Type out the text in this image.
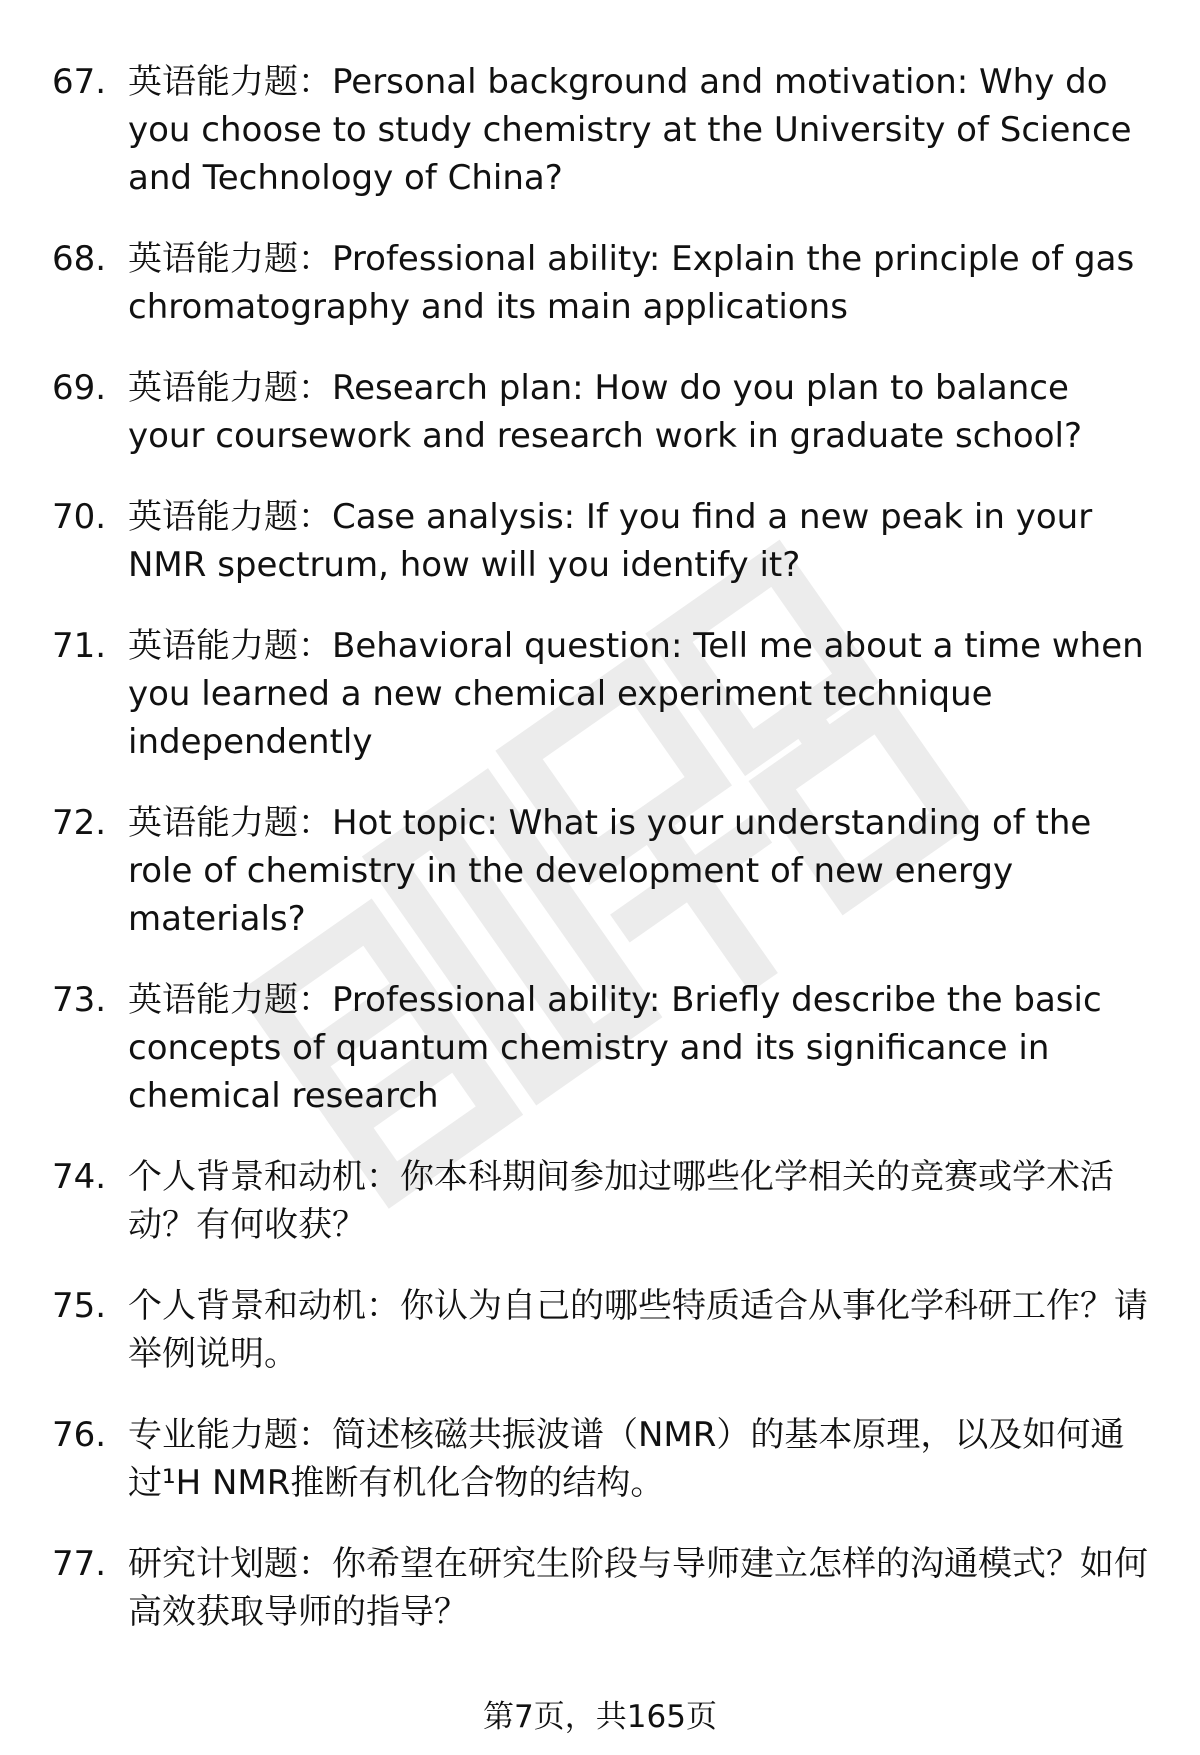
67. 英语能力题：Personal background and motivation: Why do you choose to study chemistry at the University of Science and Technology of China?
68. 英语能力题：Professional ability: Explain the principle of gas chromatography and its main applications
69. 英语能力题：Research plan: How do you plan to balance your coursework and research work in graduate school?
70. 英语能力题：Case analysis: If you find a new peak in your NMR spectrum, how will you identify it?
71. 英语能力题：Behavioral question: Tell me about a time when you learned a new chemical experiment technique independently
72. 英语能力题：Hot topic: What is your understanding of the role of chemistry in the development of new energy materials?
73. 英语能力题：Professional ability: Briefly describe the basic concepts of quantum chemistry and its significance in chemical research
74. 个人背景和动机：你本科期间参加过哪些化学相关的竞赛或学术活动？有何收获？
75. 个人背景和动机：你认为自己的哪些特质适合从事化学科研工作？请举例说明。
76. 专业能力题：简述核磁共振波谱（NMR）的基本原理，以及如何通过¹H NMR推断有机化合物的结构。
77. 研究计划题：你希望在研究生阶段与导师建立怎样的沟通模式？如何高效获取导师的指导？
第7页，共165页
